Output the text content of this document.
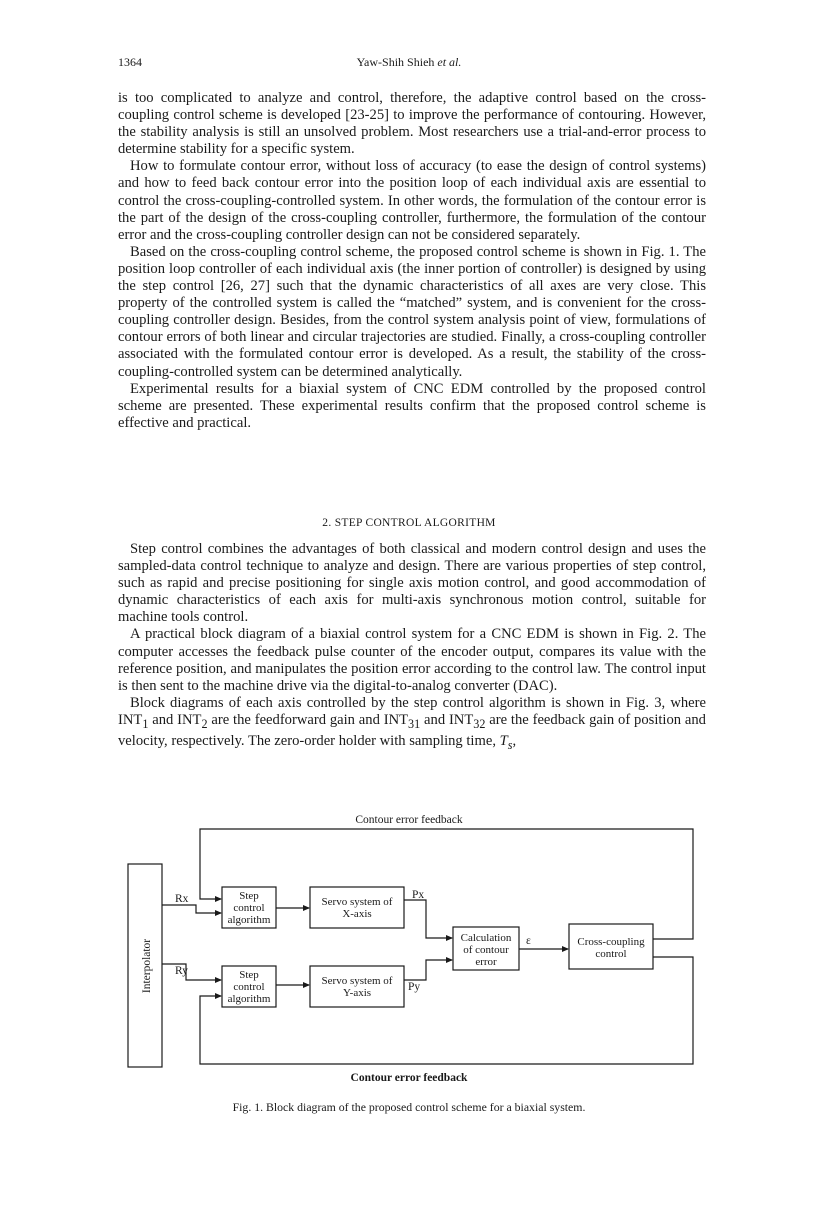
1364	Yaw-Shih Shieh et al.

is too complicated to analyze and control, therefore, the adaptive control based on the cross-coupling control scheme is developed [23-25] to improve the performance of contouring. However, the stability analysis is still an unsolved problem. Most researchers use a trial-and-error process to determine stability for a specific system.

How to formulate contour error, without loss of accuracy (to ease the design of control systems) and how to feed back contour error into the position loop of each individual axis are essential to control the cross-coupling-controlled system. In other words, the formulation of the contour error is the part of the design of the cross-coupling controller, furthermore, the formulation of the contour error and the cross-coupling controller design can not be considered separately.

Based on the cross-coupling control scheme, the proposed control scheme is shown in Fig. 1. The position loop controller of each individual axis (the inner portion of controller) is designed by using the step control [26, 27] such that the dynamic characteristics of all axes are very close. This property of the controlled system is called the “matched” system, and is convenient for the cross-coupling controller design. Besides, from the control system analysis point of view, formulations of contour errors of both linear and circular trajectories are studied. Finally, a cross-coupling controller associated with the formulated contour error is developed. As a result, the stability of the cross-coupling-controlled system can be determined analytically.

Experimental results for a biaxial system of CNC EDM controlled by the proposed control scheme are presented. These experimental results confirm that the proposed control scheme is effective and practical.

2. STEP CONTROL ALGORITHM

Step control combines the advantages of both classical and modern control design and uses the sampled-data control technique to analyze and design. There are various properties of step control, such as rapid and precise positioning for single axis motion control, and good accommodation of dynamic characteristics of each axis for multi-axis synchronous motion control, suitable for machine tools control.

A practical block diagram of a biaxial control system for a CNC EDM is shown in Fig. 2. The computer accesses the feedback pulse counter of the encoder output, compares its value with the reference position, and manipulates the position error according to the control law. The control input is then sent to the machine drive via the digital-to-analog converter (DAC).

Block diagrams of each axis controlled by the step control algorithm is shown in Fig. 3, where $INT_1$ and $INT_2$ are the feedforward gain and $INT_{31}$ and $INT_{32}$ are the feedback gain of position and velocity, respectively. The zero-order holder with sampling time, $T_s$,

Contour error feedback
Contour error feedback
Interpolator
Rx
Ry
Px
Py
ε
Step
control
algorithm
Step
control
algorithm
Servo system of
X-axis
Servo system of
Y-axis
Calculation
of contour
error
Cross-coupling
control
Fig. 1. Block diagram of the proposed control scheme for a biaxial system.
